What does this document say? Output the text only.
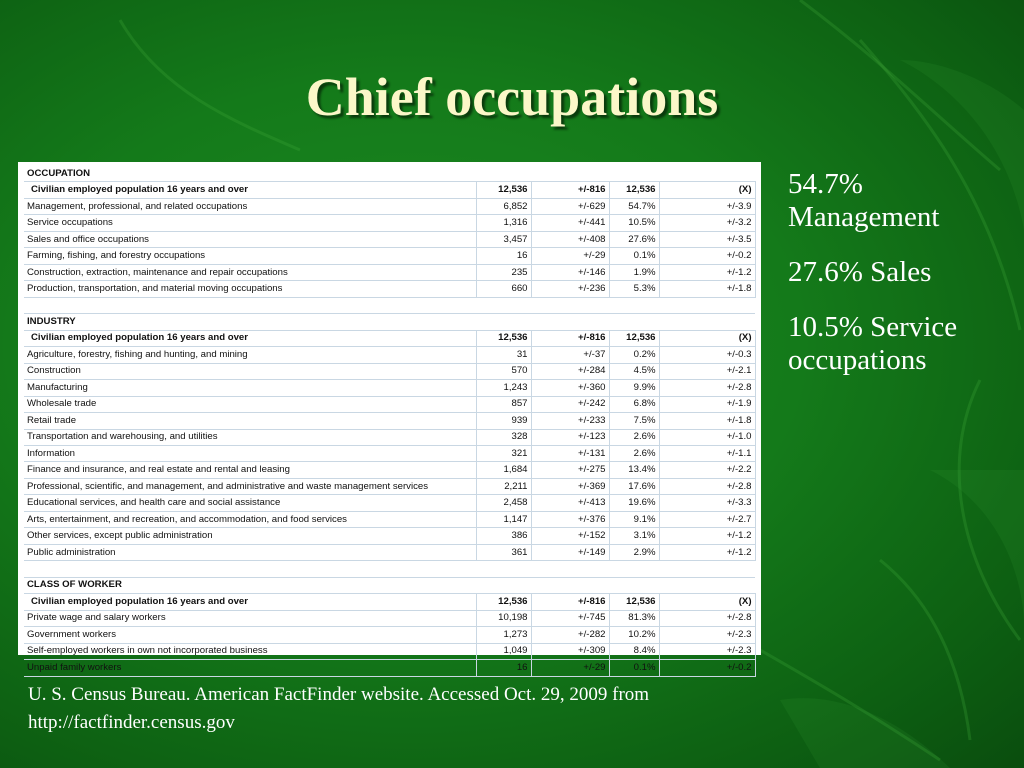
Chief occupations
OCCUPATION				
Civilian employed population 16 years and over	12,536	+/-816	12,536	(X)
Management, professional, and related occupations	6,852	+/-629	54.7%	+/-3.9
Service occupations	1,316	+/-441	10.5%	+/-3.2
Sales and office occupations	3,457	+/-408	27.6%	+/-3.5
Farming, fishing, and forestry occupations	16	+/-29	0.1%	+/-0.2
Construction, extraction, maintenance and repair occupations	235	+/-146	1.9%	+/-1.2
Production, transportation, and material moving occupations	660	+/-236	5.3%	+/-1.8

INDUSTRY				
Civilian employed population 16 years and over	12,536	+/-816	12,536	(X)
Agriculture, forestry, fishing and hunting, and mining	31	+/-37	0.2%	+/-0.3
Construction	570	+/-284	4.5%	+/-2.1
Manufacturing	1,243	+/-360	9.9%	+/-2.8
Wholesale trade	857	+/-242	6.8%	+/-1.9
Retail trade	939	+/-233	7.5%	+/-1.8
Transportation and warehousing, and utilities	328	+/-123	2.6%	+/-1.0
Information	321	+/-131	2.6%	+/-1.1
Finance and insurance, and real estate and rental and leasing	1,684	+/-275	13.4%	+/-2.2
Professional, scientific, and management, and administrative and waste management services	2,211	+/-369	17.6%	+/-2.8
Educational services, and health care and social assistance	2,458	+/-413	19.6%	+/-3.3
Arts, entertainment, and recreation, and accommodation, and food services	1,147	+/-376	9.1%	+/-2.7
Other services, except public administration	386	+/-152	3.1%	+/-1.2
Public administration	361	+/-149	2.9%	+/-1.2

CLASS OF WORKER				
Civilian employed population 16 years and over	12,536	+/-816	12,536	(X)
Private wage and salary workers	10,198	+/-745	81.3%	+/-2.8
Government workers	1,273	+/-282	10.2%	+/-2.3
Self-employed workers in own not incorporated business	1,049	+/-309	8.4%	+/-2.3
Unpaid family workers	16	+/-29	0.1%	+/-0.2
54.7% Management
27.6% Sales
10.5% Service occupations
U. S. Census Bureau. American FactFinder website. Accessed Oct. 29, 2009 from http://factfinder.census.gov
